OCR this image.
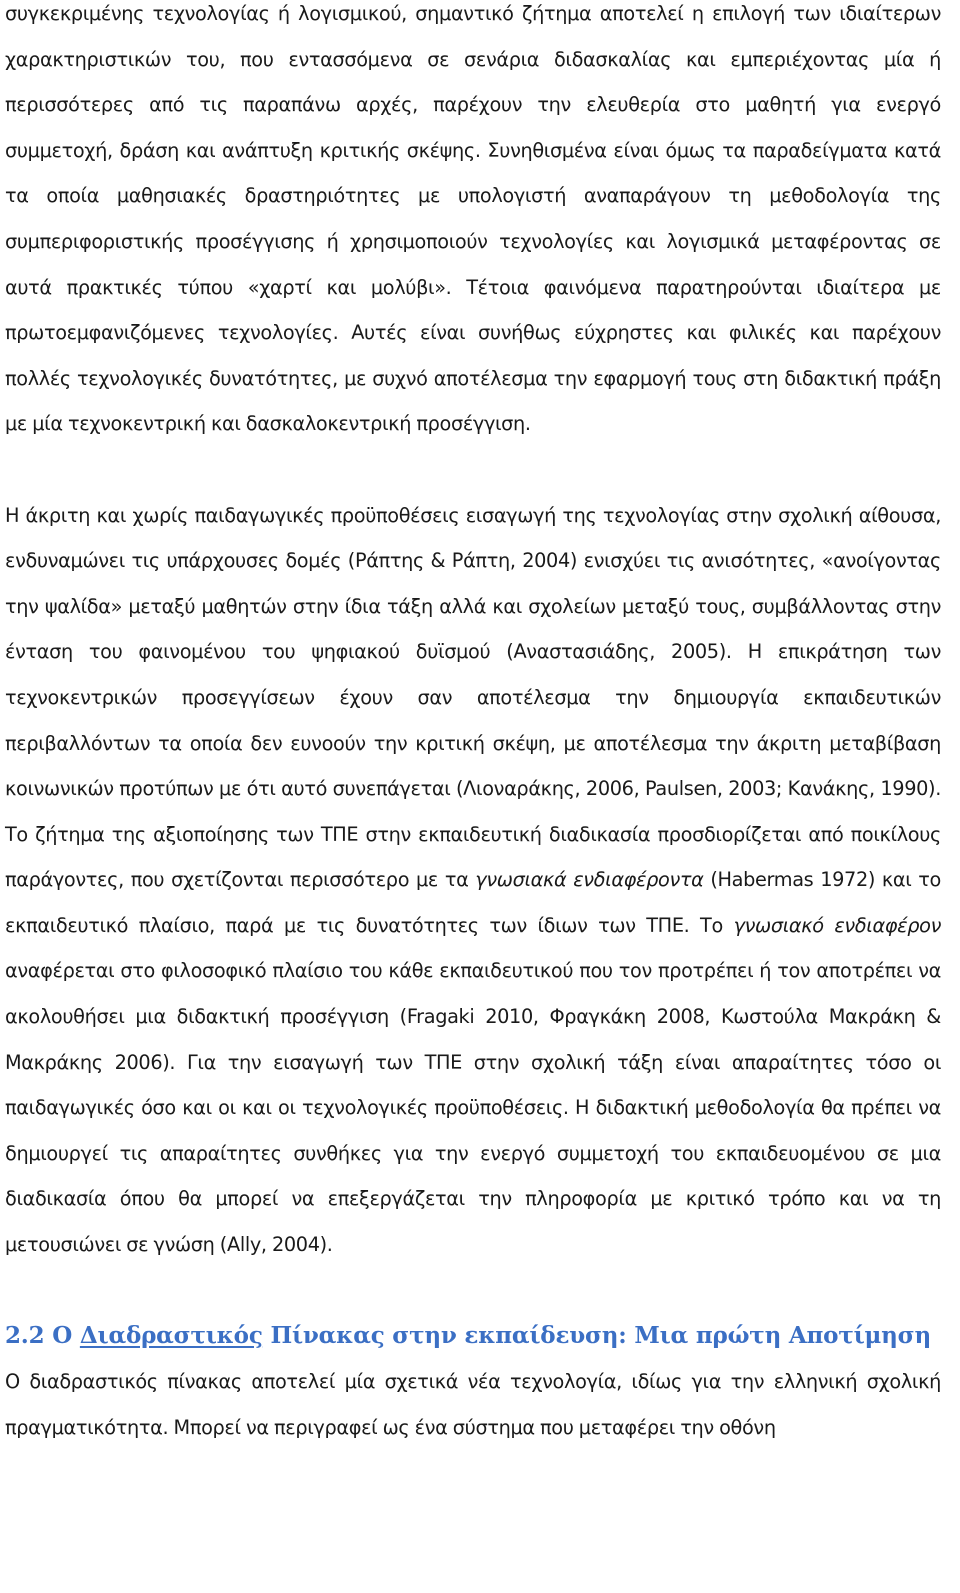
συγκεκριμένης τεχνολογίας ή λογισμικού, σημαντικό ζήτημα αποτελεί η επιλογή των ιδιαίτερων χαρακτηριστικών του, που εντασσόμενα σε σενάρια διδασκαλίας και εμπεριέχοντας μία ή περισσότερες από τις παραπάνω αρχές, παρέχουν την ελευθερία στο μαθητή για ενεργό συμμετοχή, δράση και ανάπτυξη κριτικής σκέψης. Συνηθισμένα είναι όμως τα παραδείγματα κατά τα οποία μαθησιακές δραστηριότητες με υπολογιστή αναπαράγουν τη μεθοδολογία της συμπεριφοριστικής προσέγγισης ή χρησιμοποιούν τεχνολογίες και λογισμικά μεταφέροντας σε αυτά πρακτικές τύπου «χαρτί και μολύβι». Τέτοια φαινόμενα παρατηρούνται ιδιαίτερα με πρωτοεμφανιζόμενες τεχνολογίες. Αυτές είναι συνήθως εύχρηστες και φιλικές και παρέχουν πολλές τεχνολογικές δυνατότητες, με συχνό αποτέλεσμα την εφαρμογή τους στη διδακτική πράξη με μία τεχνοκεντρική και δασκαλοκεντρική προσέγγιση.

Η άκριτη και χωρίς παιδαγωγικές προϋποθέσεις εισαγωγή της τεχνολογίας στην σχολική αίθουσα, ενδυναμώνει τις υπάρχουσες δομές (Ράπτης & Ράπτη, 2004) ενισχύει τις ανισότητες, «ανοίγοντας την ψαλίδα» μεταξύ μαθητών στην ίδια τάξη αλλά και σχολείων μεταξύ τους, συμβάλλοντας στην ένταση του φαινομένου του ψηφιακού δυϊσμού (Αναστασιάδης, 2005). Η επικράτηση των τεχνοκεντρικών προσεγγίσεων έχουν σαν αποτέλεσμα την δημιουργία εκπαιδευτικών περιβαλλόντων τα οποία δεν ευνοούν την κριτική σκέψη, με αποτέλεσμα την άκριτη μεταβίβαση κοινωνικών προτύπων με ότι αυτό συνεπάγεται (Λιοναράκης, 2006, Paulsen, 2003; Κανάκης, 1990). Το ζήτημα της αξιοποίησης των ΤΠΕ στην εκπαιδευτική διαδικασία προσδιορίζεται από ποικίλους παράγοντες, που σχετίζονται περισσότερο με τα γνωσιακά ενδιαφέροντα (Habermas 1972) και το εκπαιδευτικό πλαίσιο, παρά με τις δυνατότητες των ίδιων των ΤΠΕ. Το γνωσιακό ενδιαφέρον αναφέρεται στο φιλοσοφικό πλαίσιο του κάθε εκπαιδευτικού που τον προτρέπει ή τον αποτρέπει να ακολουθήσει μια διδακτική προσέγγιση (Fragaki 2010, Φραγκάκη 2008, Κωστούλα Μακράκη & Μακράκης 2006). Για την εισαγωγή των ΤΠΕ στην σχολική τάξη είναι απαραίτητες τόσο οι παιδαγωγικές όσο και οι και οι τεχνολογικές προϋποθέσεις. Η διδακτική μεθοδολογία θα πρέπει να δημιουργεί τις απαραίτητες συνθήκες για την ενεργό συμμετοχή του εκπαιδευομένου σε μια διαδικασία όπου θα μπορεί να επεξεργάζεται την πληροφορία με κριτικό τρόπο και να τη μετουσιώνει σε γνώση (Ally, 2004).

2.2 Ο Διαδραστικός Πίνακας στην εκπαίδευση: Μια πρώτη Αποτίμηση

Ο διαδραστικός πίνακας αποτελεί μία σχετικά νέα τεχνολογία, ιδίως για την ελληνική σχολική πραγματικότητα. Μπορεί να περιγραφεί ως ένα σύστημα που μεταφέρει την οθόνη
